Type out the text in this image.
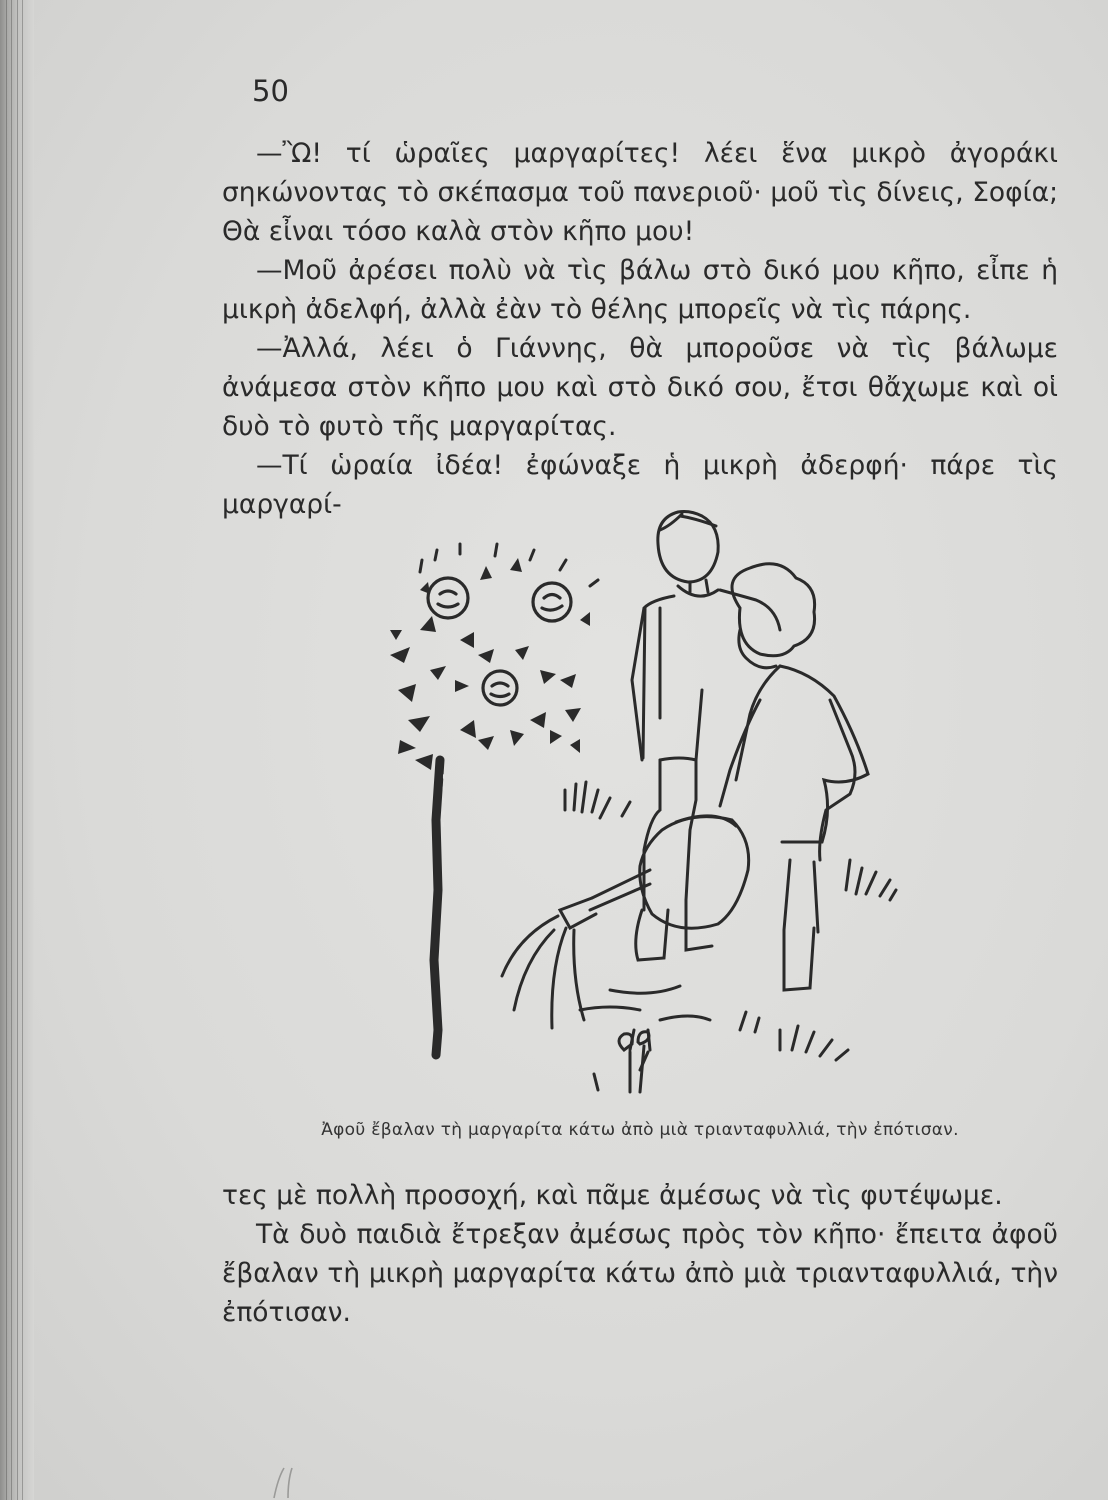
50

—Ὢ! τί ὡραῖες μαργαρίτες! λέει ἕνα μικρὸ ἀγοράκι σηκώνοντας τὸ σκέπασμα τοῦ πανεριοῦ· μοῦ τὶς δίνεις, Σοφία; Θὰ εἶναι τόσο καλὰ στὸν κῆπο μου!

—Μοῦ ἀρέσει πολὺ νὰ τὶς βάλω στὸ δικό μου κῆπο, εἶπε ἡ μικρὴ ἀδελφή, ἀλλὰ ἐὰν τὸ θέλης μπορεῖς νὰ τὶς πάρης.

—Ἀλλά, λέει ὁ Γιάννης, θὰ μποροῦσε νὰ τὶς βάλωμε ἀνάμεσα στὸν κῆπο μου καὶ στὸ δικό σου, ἔτσι θἄχωμε καὶ οἱ δυὸ τὸ φυτὸ τῆς μαργαρίτας.

—Τί ὡραία ἰδέα! ἐφώναξε ἡ μικρὴ ἀδερφή· πάρε τὶς μαργαρί-

Ἀφοῦ ἔβαλαν τὴ μαργαρίτα κάτω ἀπὸ μιὰ τριανταφυλλιά, τὴν ἐπότισαν.

τες μὲ πολλὴ προσοχή, καὶ πᾶμε ἀμέσως νὰ τὶς φυτέψωμε.

Τὰ δυὸ παιδιὰ ἔτρεξαν ἀμέσως πρὸς τὸν κῆπο· ἔπειτα ἀφοῦ ἔβαλαν τὴ μικρὴ μαργαρίτα κάτω ἀπὸ μιὰ τριανταφυλλιά, τὴν ἐπότισαν.
